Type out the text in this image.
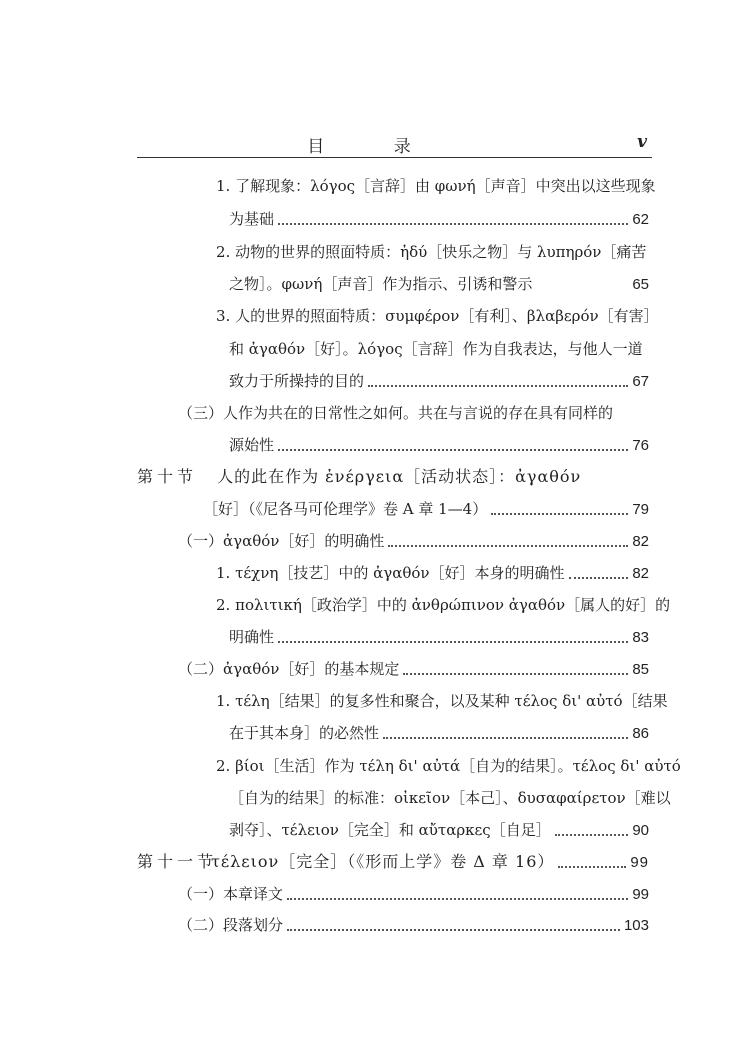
目 录	v
1. 了解现象：λόγος［言辞］由 φωνή［声音］中突出以这些现象
为基础	62
2. 动物的世界的照面特质：ἡδύ［快乐之物］与 λυπηρόν［痛苦
之物］。φωνή［声音］作为指示、引诱和警示	65
3. 人的世界的照面特质：συμφέρον［有利］、βλαβερόν［有害］
和 ἀγαθόν［好］。λόγος［言辞］作为自我表达，与他人一道
致力于所操持的目的	67
（三）人作为共在的日常性之如何。共在与言说的存在具有同样的
源始性	76
第十节 人的此在作为 ἐνέργεια［活动状态］：ἀγαθόν
［好］（《尼各马可伦理学》卷 A 章 1—4）	79
（一）ἀγαθόν［好］的明确性	82
1. τέχνη［技艺］中的 ἀγαθόν［好］本身的明确性	82
2. πολιτική［政治学］中的 ἀνθρώπινον ἀγαθόν［属人的好］的
明确性	83
（二）ἀγαθόν［好］的基本规定	85
1. τέλη［结果］的复多性和聚合，以及某种 τέλος δι' αὐτό［结果
在于其本身］的必然性	86
2. βίοι［生活］作为 τέλη δι' αὐτά［自为的结果］。τέλος δι' αὐτό
［自为的结果］的标准：οἰκεῖον［本己］、δυσαφαίρετον［难以
剥夺］、τέλειον［完全］和 αὔταρκες［自足］	90
第十一节τέλειον［完全］（《形而上学》卷 Δ 章 16）	99
（一）本章译文	99
（二）段落划分	103
